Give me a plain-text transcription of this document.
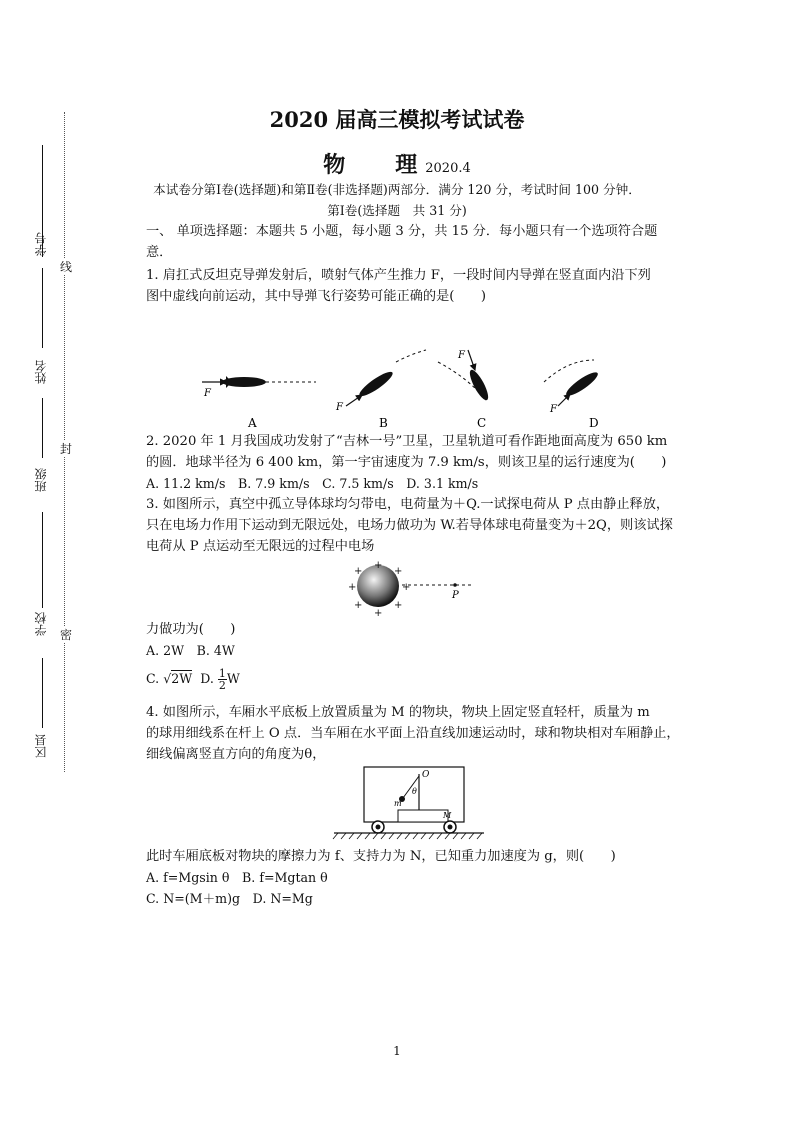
学号
姓名
班级
学校
区县
线
封
密
2020 届高三模拟考试试卷
物　　理 2020.4
本试卷分第Ⅰ卷(选择题)和第Ⅱ卷(非选择题)两部分．满分 120 分，考试时间 100 分钟．
第Ⅰ卷(选择题　共 31 分)
一、 单项选择题：本题共 5 小题，每小题 3 分，共 15 分．每小题只有一个选项符合题
意．
1. 肩扛式反坦克导弹发射后，喷射气体产生推力 F，一段时间内导弹在竖直面内沿下列
图中虚线向前运动，其中导弹飞行姿势可能正确的是(　　)
F
A
F
B
F
C
F
D
2. 2020 年 1 月我国成功发射了“吉林一号”卫星，卫星轨道可看作距地面高度为 650 km
的圆．地球半径为 6 400 km，第一宇宙速度为 7.9 km/s，则该卫星的运行速度为(　　)
A. 11.2 km/s　B. 7.9 km/s　C. 7.5 km/s　D. 3.1 km/s
3. 如图所示，真空中孤立导体球均匀带电，电荷量为＋Q.一试探电荷从 P 点由静止释放，
只在电场力作用下运动到无限远处，电场力做功为 W.若导体球电荷量变为＋2Q，则该试探
电荷从 P 点运动至无限远的过程中电场
+
+	+
+	+
+	+
+
P
力做功为(　　)
A. 2W　B. 4W
C. √2W D. $\frac{1}{2}$ W
4. 如图所示，车厢水平底板上放置质量为 M 的物块，物块上固定竖直轻杆，质量为 m
的球用细线系在杆上 O 点．当车厢在水平面上沿直线加速运动时，球和物块相对车厢静止，
细线偏离竖直方向的角度为θ，
O
θ
m
M
此时车厢底板对物块的摩擦力为 f、支持力为 N，已知重力加速度为 g，则(　　)
A. f=Mgsin θ　B. f=Mgtan θ
C. N=(M＋m)g　D. N=Mg
1
